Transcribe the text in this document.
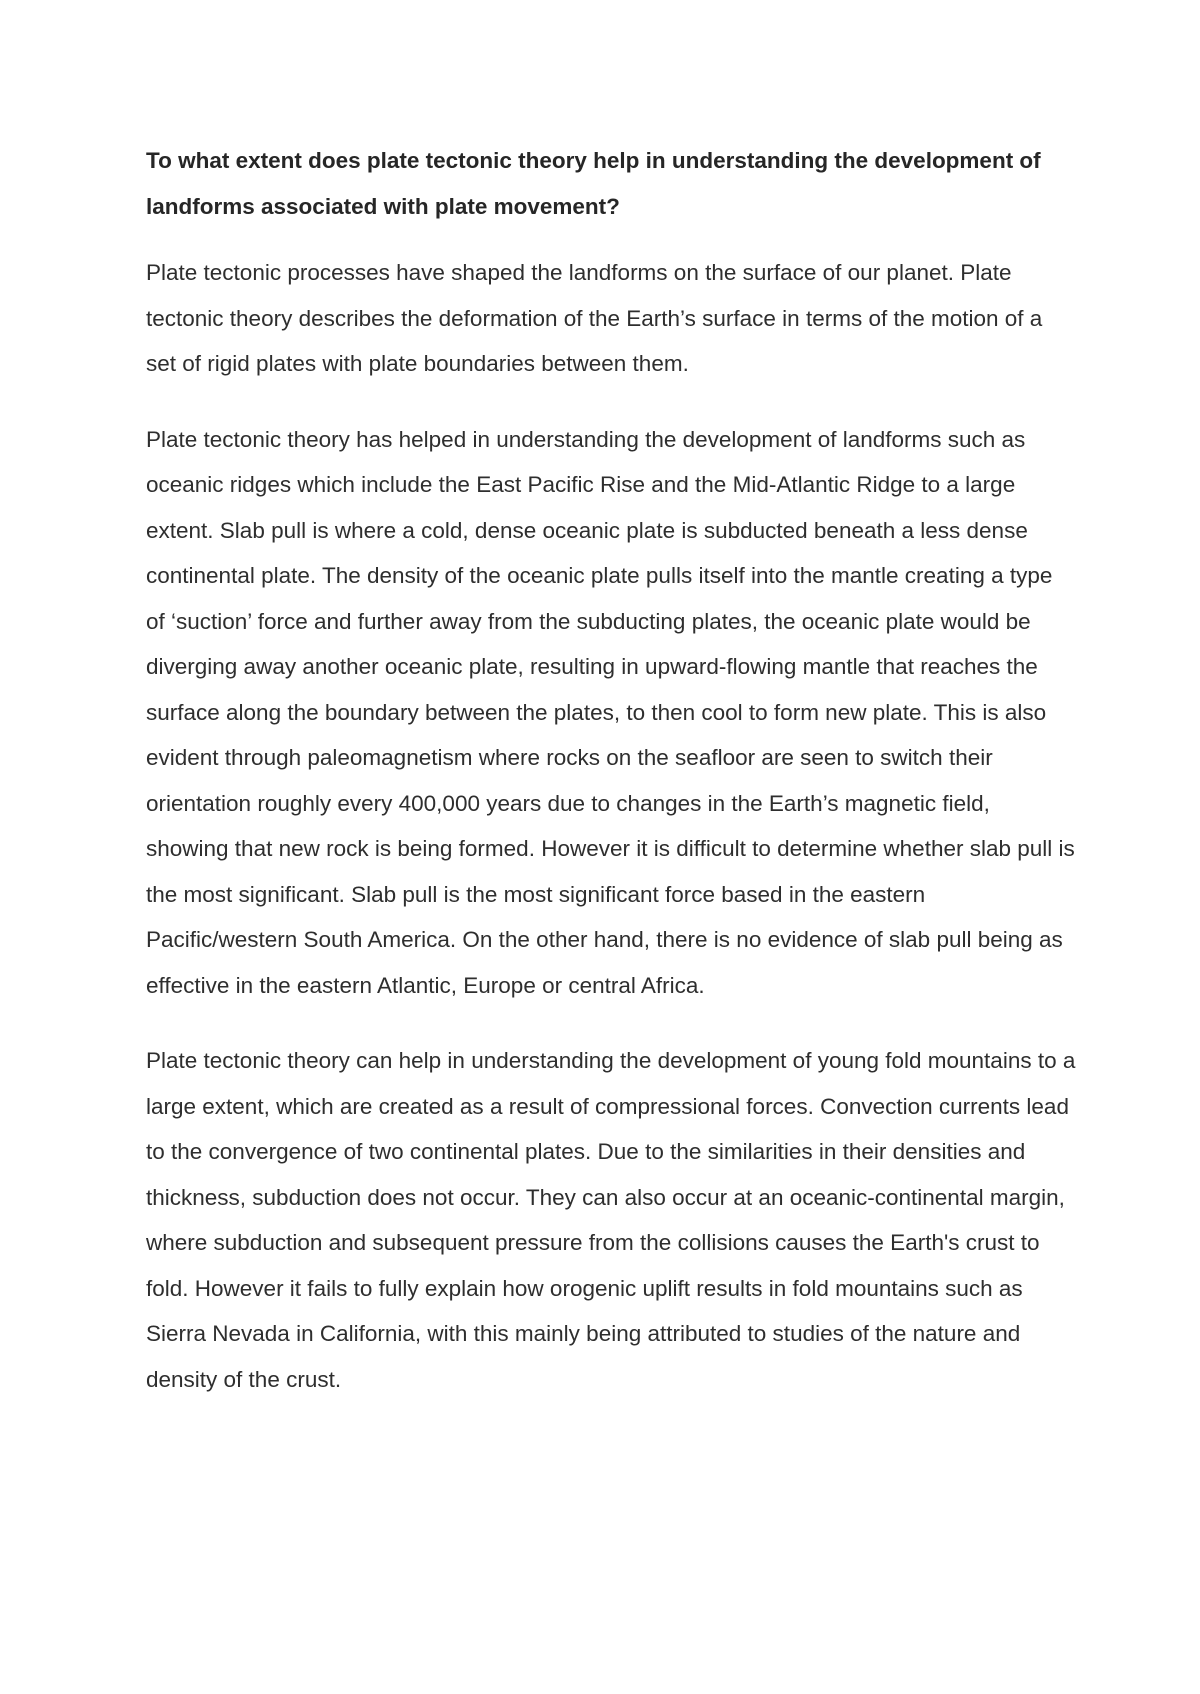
To what extent does plate tectonic theory help in understanding the development of landforms associated with plate movement?

Plate tectonic processes have shaped the landforms on the surface of our planet. Plate tectonic theory describes the deformation of the Earth’s surface in terms of the motion of a set of rigid plates with plate boundaries between them.

Plate tectonic theory has helped in understanding the development of landforms such as oceanic ridges which include the East Pacific Rise and the Mid-Atlantic Ridge to a large extent. Slab pull is where a cold, dense oceanic plate is subducted beneath a less dense continental plate. The density of the oceanic plate pulls itself into the mantle creating a type of ‘suction’ force and further away from the subducting plates, the oceanic plate would be diverging away another oceanic plate, resulting in upward-flowing mantle that reaches the surface along the boundary between the plates, to then cool to form new plate. This is also evident through paleomagnetism where rocks on the seafloor are seen to switch their orientation roughly every 400,000 years due to changes in the Earth’s magnetic field, showing that new rock is being formed. However it is difficult to determine whether slab pull is the most significant. Slab pull is the most significant force based in the eastern Pacific/western South America. On the other hand, there is no evidence of slab pull being as effective in the eastern Atlantic, Europe or central Africa.

Plate tectonic theory can help in understanding the development of young fold mountains to a large extent, which are created as a result of compressional forces. Convection currents lead to the convergence of two continental plates. Due to the similarities in their densities and thickness, subduction does not occur. They can also occur at an oceanic-continental margin, where subduction and subsequent pressure from the collisions causes the Earth's crust to fold. However it fails to fully explain how orogenic uplift results in fold mountains such as Sierra Nevada in California, with this mainly being attributed to studies of the nature and density of the crust.
